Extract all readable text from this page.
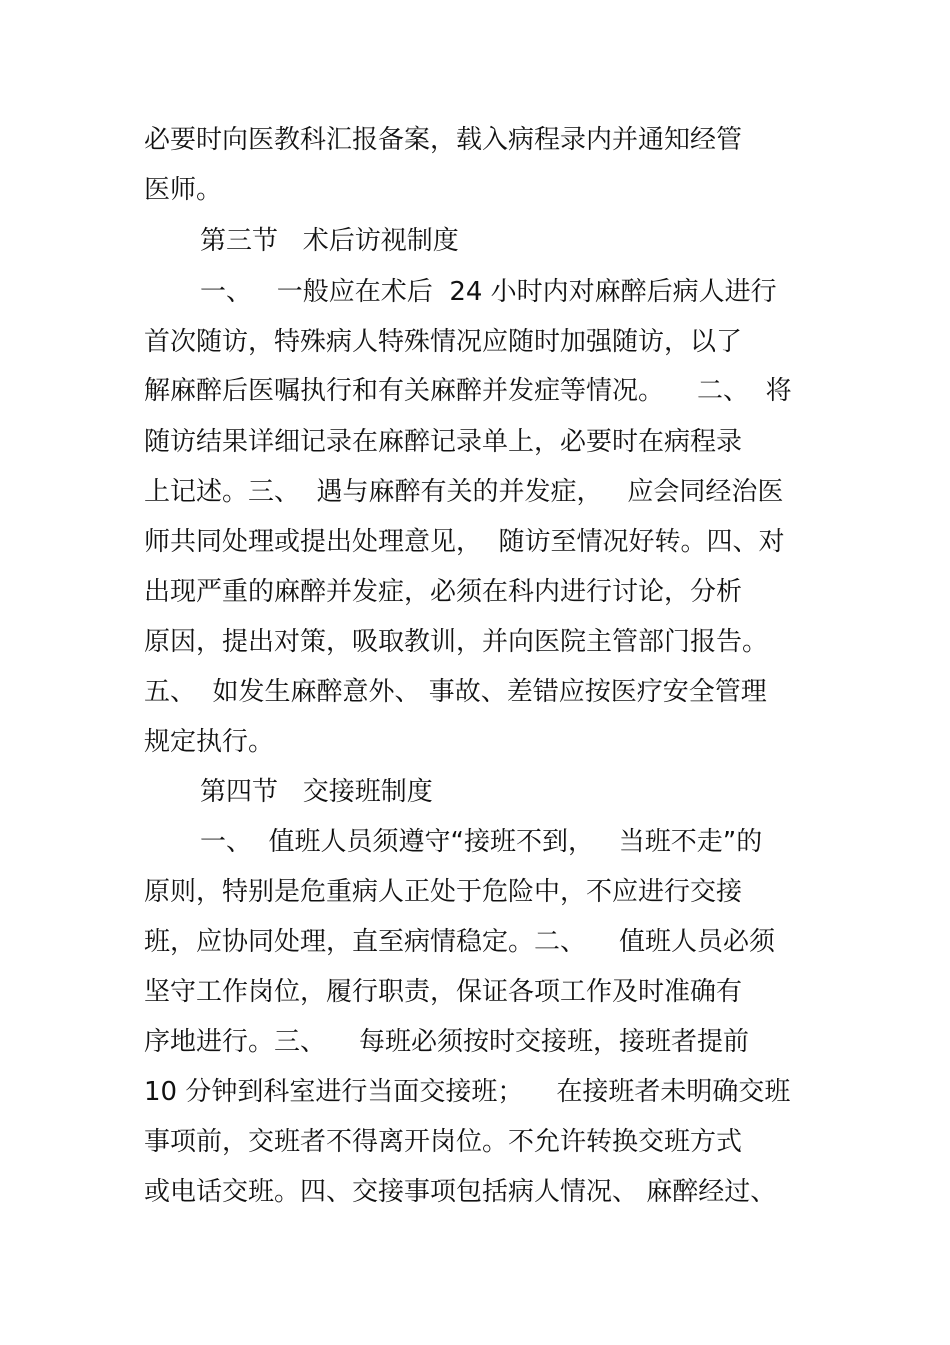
必要时向医教科汇报备案，载入病程录内并通知经管
医师。
第三节   术后访视制度
一、   一般应在术后  24 小时内对麻醉后病人进行
首次随访，特殊病人特殊情况应随时加强随访，以了
解麻醉后医嘱执行和有关麻醉并发症等情况。    二、  将
随访结果详细记录在麻醉记录单上，必要时在病程录
上记述。三、  遇与麻醉有关的并发症，   应会同经治医
师共同处理或提出处理意见，  随访至情况好转。四、对
出现严重的麻醉并发症，必须在科内进行讨论，分析
原因，提出对策，吸取教训，并向医院主管部门报告。
五、  如发生麻醉意外、 事故、差错应按医疗安全管理
规定执行。
第四节   交接班制度
一、  值班人员须遵守“接班不到，   当班不走”的
原则，特别是危重病人正处于危险中，不应进行交接
班，应协同处理，直至病情稳定。二、    值班人员必须
坚守工作岗位，履行职责，保证各项工作及时准确有
序地进行。三、    每班必须按时交接班，接班者提前
10 分钟到科室进行当面交接班；    在接班者未明确交班
事项前，交班者不得离开岗位。不允许转换交班方式
或电话交班。四、交接事项包括病人情况、 麻醉经过、
